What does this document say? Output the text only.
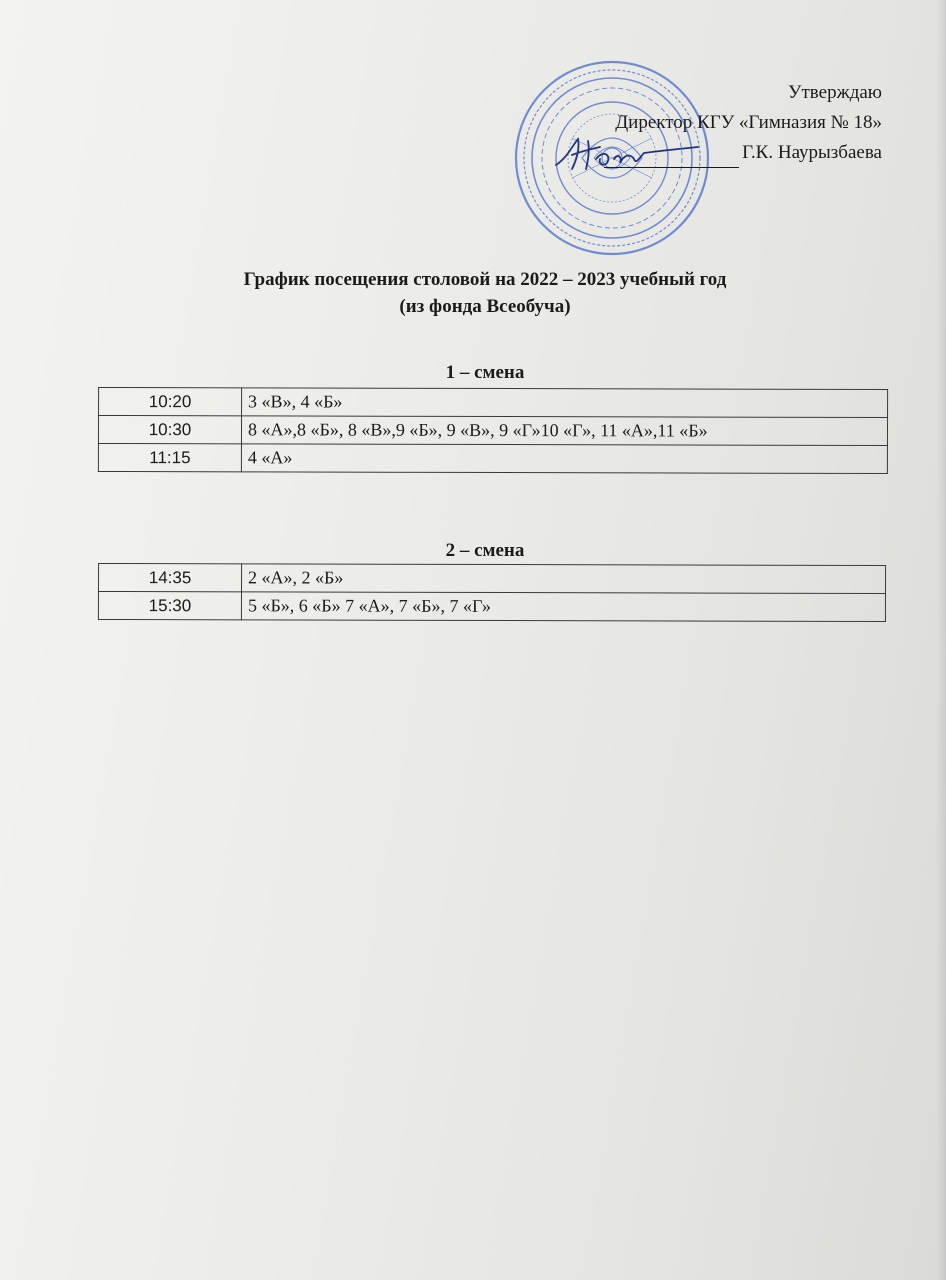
Утверждаю
Директор КГУ «Гимназия № 18»
Г.К. Наурызбаева
График посещения столовой на 2022 – 2023 учебный год
(из фонда Всеобуча)
1 – смена
10:20	3 «В», 4 «Б»
10:30	8 «А»,8 «Б», 8 «В»,9 «Б», 9 «В», 9 «Г»10 «Г», 11 «А»,11 «Б»
11:15	4 «А»
2 – смена
14:35	2 «А», 2 «Б»
15:30	5 «Б», 6 «Б» 7 «А», 7 «Б», 7 «Г»
